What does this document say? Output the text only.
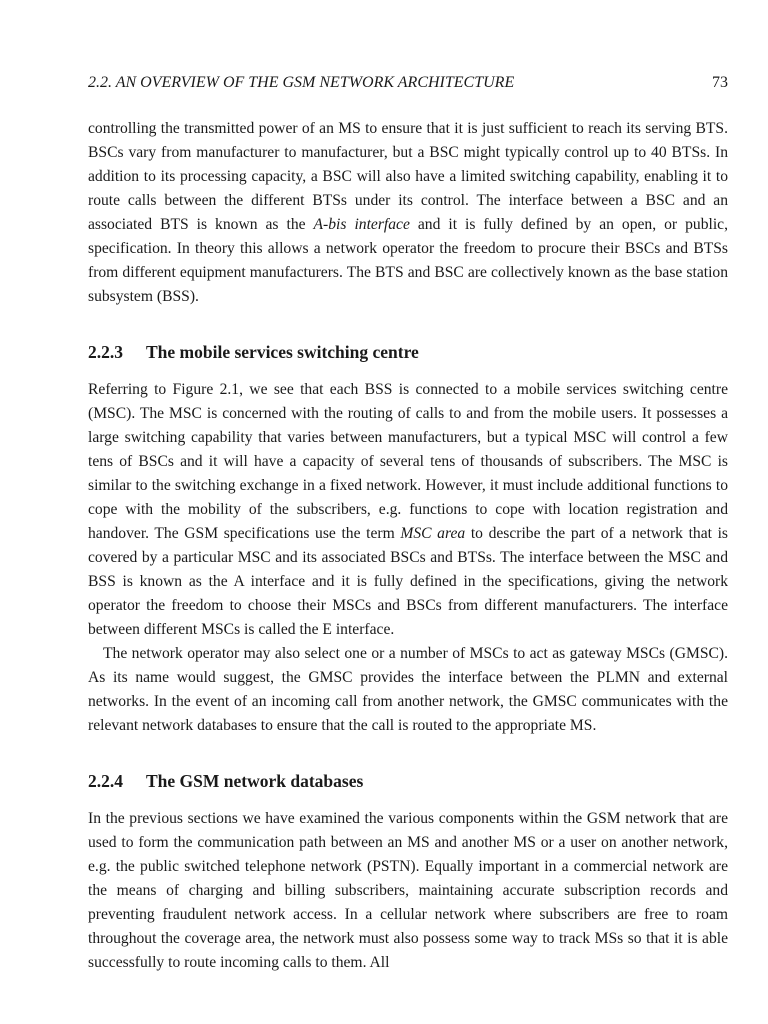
2.2. AN OVERVIEW OF THE GSM NETWORK ARCHITECTURE	73

controlling the transmitted power of an MS to ensure that it is just sufficient to reach its serving BTS. BSCs vary from manufacturer to manufacturer, but a BSC might typically control up to 40 BTSs. In addition to its processing capacity, a BSC will also have a limited switching capability, enabling it to route calls between the different BTSs under its control. The interface between a BSC and an associated BTS is known as the A-bis interface and it is fully defined by an open, or public, specification. In theory this allows a network operator the freedom to procure their BSCs and BTSs from different equipment manufacturers. The BTS and BSC are collectively known as the base station subsystem (BSS).

2.2.3	The mobile services switching centre

Referring to Figure 2.1, we see that each BSS is connected to a mobile services switching centre (MSC). The MSC is concerned with the routing of calls to and from the mobile users. It possesses a large switching capability that varies between manufacturers, but a typical MSC will control a few tens of BSCs and it will have a capacity of several tens of thousands of subscribers. The MSC is similar to the switching exchange in a fixed network. However, it must include additional functions to cope with the mobility of the subscribers, e.g. functions to cope with location registration and handover. The GSM specifications use the term MSC area to describe the part of a network that is covered by a particular MSC and its associated BSCs and BTSs. The interface between the MSC and BSS is known as the A interface and it is fully defined in the specifications, giving the network operator the freedom to choose their MSCs and BSCs from different manufacturers. The interface between different MSCs is called the E interface.

The network operator may also select one or a number of MSCs to act as gateway MSCs (GMSC). As its name would suggest, the GMSC provides the interface between the PLMN and external networks. In the event of an incoming call from another network, the GMSC communicates with the relevant network databases to ensure that the call is routed to the appropriate MS.

2.2.4	The GSM network databases

In the previous sections we have examined the various components within the GSM network that are used to form the communication path between an MS and another MS or a user on another network, e.g. the public switched telephone network (PSTN). Equally important in a commercial network are the means of charging and billing subscribers, maintaining accurate subscription records and preventing fraudulent network access. In a cellular network where subscribers are free to roam throughout the coverage area, the network must also possess some way to track MSs so that it is able successfully to route incoming calls to them. All
